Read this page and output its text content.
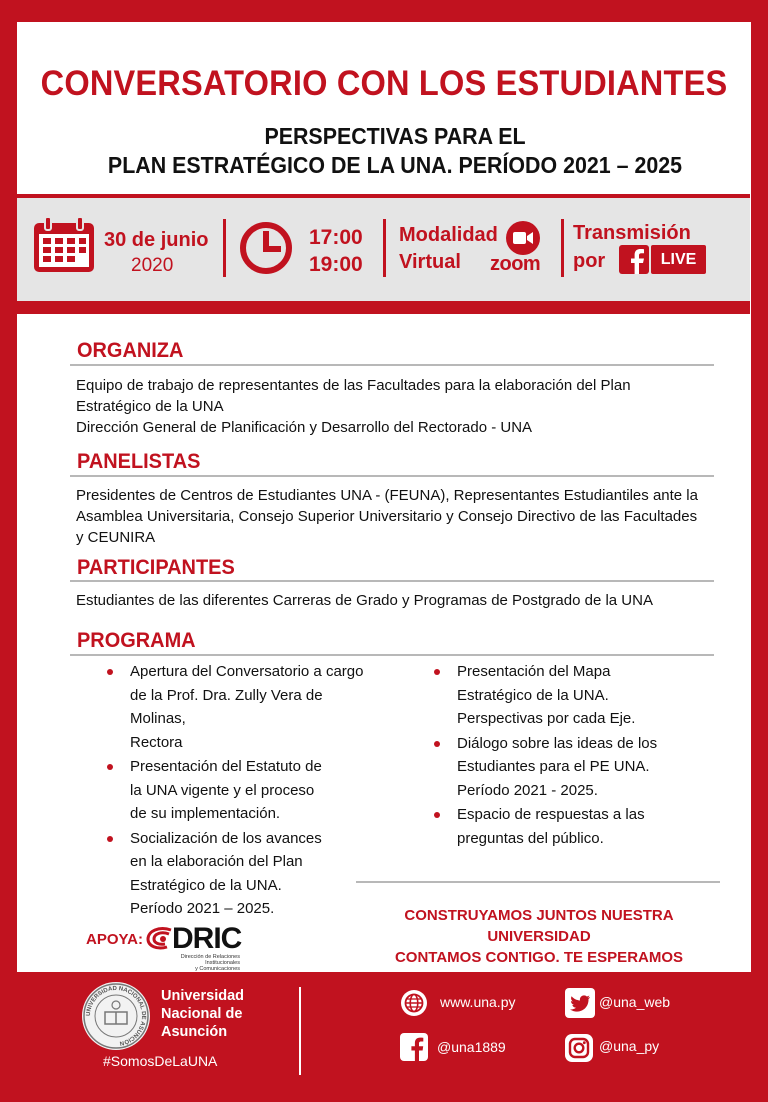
CONVERSATORIO CON LOS ESTUDIANTES
PERSPECTIVAS PARA EL
PLAN ESTRATÉGICO DE LA UNA. PERÍODO 2021 – 2025
30 de junio
2020
17:00
19:00
Modalidad
Virtual zoom
Transmisión
por	LIVE
ORGANIZA
Equipo de trabajo de representantes de las Facultades para la elaboración del Plan
Estratégico de la UNA
Dirección General de Planificación y Desarrollo del Rectorado - UNA
PANELISTAS
Presidentes de Centros de Estudiantes UNA - (FEUNA), Representantes Estudiantiles ante la
Asamblea Universitaria, Consejo Superior Universitario y Consejo Directivo de las Facultades
y CEUNIRA
PARTICIPANTES
Estudiantes de las diferentes Carreras de Grado y Programas de Postgrado de la UNA
PROGRAMA
Apertura del Conversatorio a cargo
de la Prof. Dra. Zully Vera de Molinas,
Rectora
Presentación del Estatuto de
la UNA vigente y el proceso
de su implementación.
Socialización de los avances
en la elaboración del Plan
Estratégico de la UNA.
Período 2021 – 2025.
Presentación del Mapa
Estratégico de la UNA.
Perspectivas por cada Eje.
Diálogo sobre las ideas de los
Estudiantes para el PE UNA.
Período 2021 - 2025.
Espacio de respuestas a las
preguntas del público.
CONSTRUYAMOS JUNTOS NUESTRA UNIVERSIDAD
CONTAMOS CONTIGO. TE ESPERAMOS
APOYA: DRIC
Dirección de Relaciones Institucionales
y Comunicaciones
UNIVERSIDAD NACIONAL DE ASUNCIÓN
Universidad
Nacional de
Asunción
#SomosDeLaUNA
www.una.py	@una_web
@una1889	@una_py
